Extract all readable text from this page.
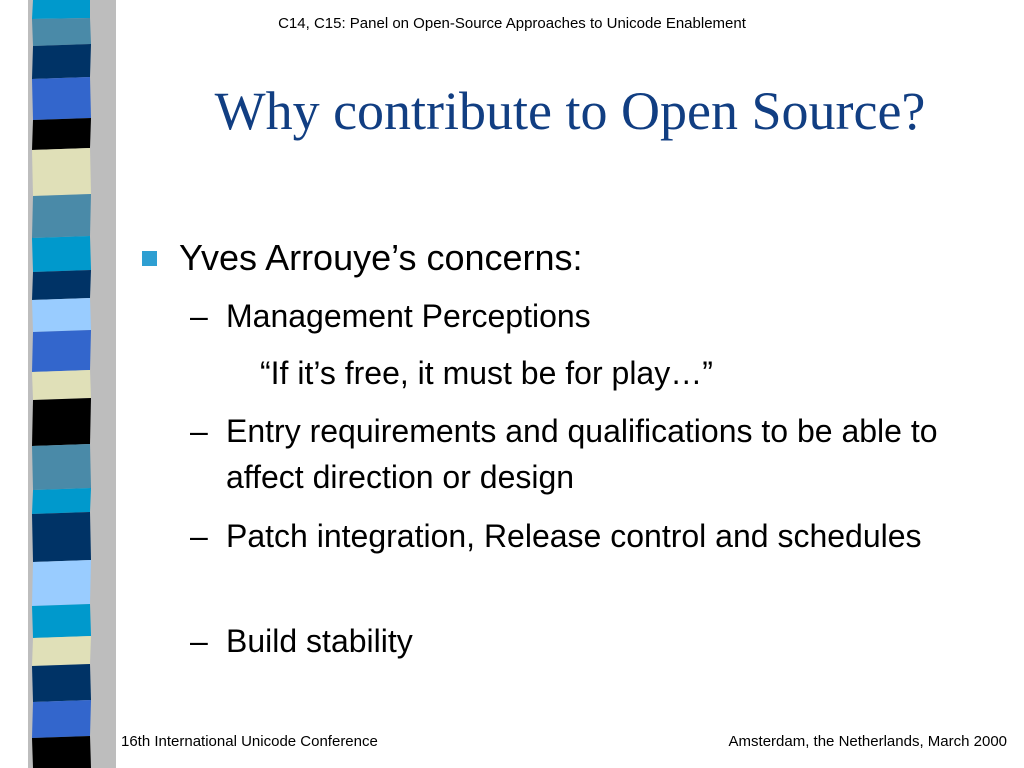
C14, C15: Panel on Open-Source Approaches to Unicode Enablement
Why contribute to Open Source?
Yves Arrouye’s concerns:
– Management Perceptions
“If it’s free, it must be for play…”
– Entry requirements and qualifications to be able to affect direction or design
– Patch integration, Release control and schedules
– Build stability
16th International Unicode Conference	Amsterdam, the Netherlands, March 2000
